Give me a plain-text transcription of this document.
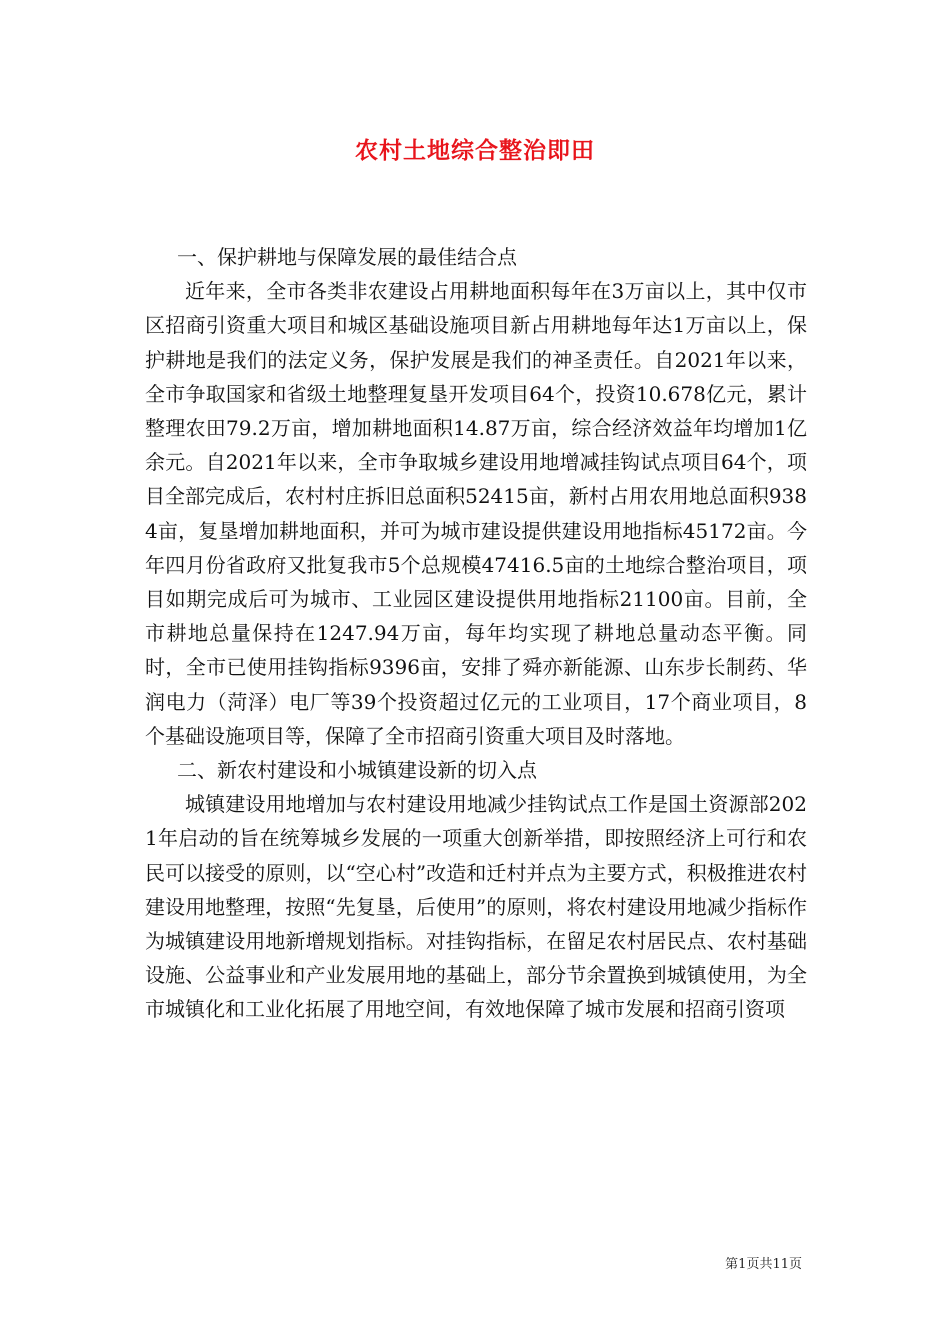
农村土地综合整治即田

一、保护耕地与保障发展的最佳结合点

近年来，全市各类非农建设占用耕地面积每年在3万亩以上，其中仅市区招商引资重大项目和城区基础设施项目新占用耕地每年达1万亩以上，保护耕地是我们的法定义务，保护发展是我们的神圣责任。自2021年以来，全市争取国家和省级土地整理复垦开发项目64个，投资10.678亿元，累计整理农田79.2万亩，增加耕地面积14.87万亩，综合经济效益年均增加1亿余元。自2021年以来，全市争取城乡建设用地增减挂钩试点项目64个，项目全部完成后，农村村庄拆旧总面积52415亩，新村占用农用地总面积9384亩，复垦增加耕地面积，并可为城市建设提供建设用地指标45172亩。今年四月份省政府又批复我市5个总规模47416.5亩的土地综合整治项目，项目如期完成后可为城市、工业园区建设提供用地指标21100亩。目前，全市耕地总量保持在1247.94万亩，每年均实现了耕地总量动态平衡。同时，全市已使用挂钩指标9396亩，安排了舜亦新能源、山东步长制药、华润电力（菏泽）电厂等39个投资超过亿元的工业项目，17个商业项目，8个基础设施项目等，保障了全市招商引资重大项目及时落地。

二、新农村建设和小城镇建设新的切入点

城镇建设用地增加与农村建设用地减少挂钩试点工作是国土资源部2021年启动的旨在统筹城乡发展的一项重大创新举措，即按照经济上可行和农民可以接受的原则，以“空心村”改造和迁村并点为主要方式，积极推进农村建设用地整理，按照“先复垦，后使用”的原则，将农村建设用地减少指标作为城镇建设用地新增规划指标。对挂钩指标，在留足农村居民点、农村基础设施、公益事业和产业发展用地的基础上，部分节余置换到城镇使用，为全市城镇化和工业化拓展了用地空间，有效地保障了城市发展和招商引资项

第1页共11页
